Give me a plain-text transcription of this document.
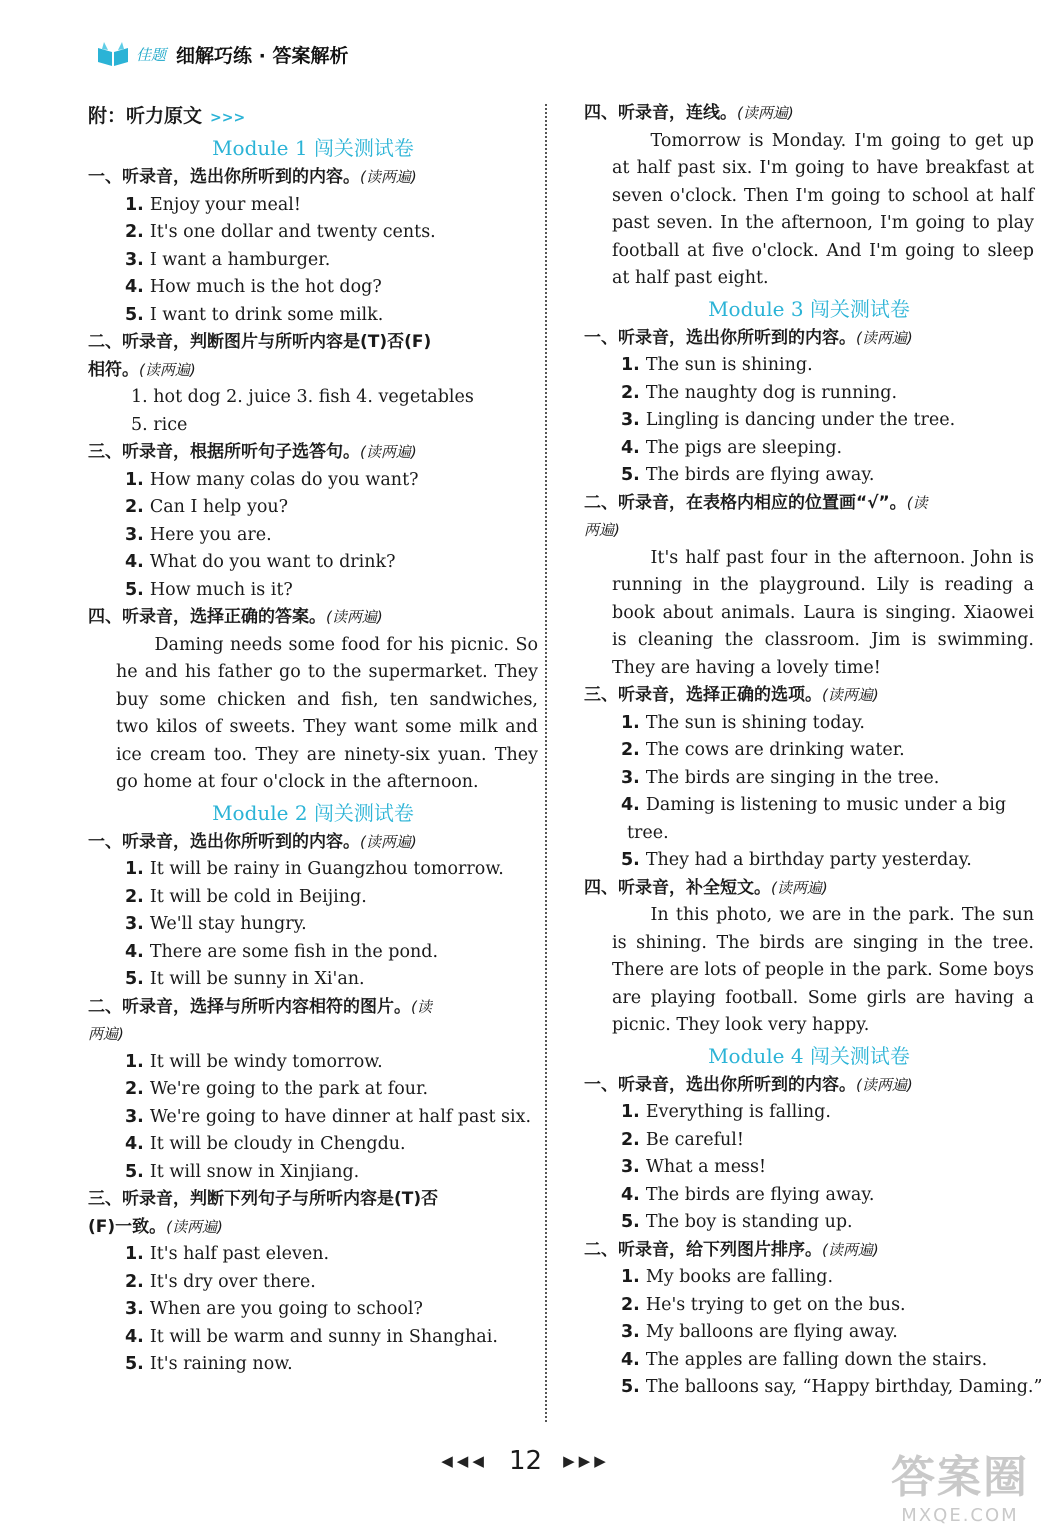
佳题 细解巧练 · 答案解析
附：听力原文 >>>
Module 1 闯关测试卷
一、听录音，选出你所听到的内容。(读两遍)
1. Enjoy your meal!
2. It's one dollar and twenty cents.
3. I want a hamburger.
4. How much is the hot dog?
5. I want to drink some milk.
二、听录音，判断图片与所听内容是(T)否(F)
相符。(读两遍)
1. hot dog 2. juice 3. fish 4. vegetables
5. rice
三、听录音，根据所听句子选答句。(读两遍)
1. How many colas do you want?
2. Can I help you?
3. Here you are.
4. What do you want to drink?
5. How much is it?
四、听录音，选择正确的答案。(读两遍)

Daming needs some food for his picnic. So he and his father go to the supermarket. They buy some chicken and fish, ten sandwiches, two kilos of sweets. They want some milk and ice cream too. They are ninety-six yuan. They go home at four o'clock in the afternoon.

Module 2 闯关测试卷
一、听录音，选出你所听到的内容。(读两遍)
1. It will be rainy in Guangzhou tomorrow.
2. It will be cold in Beijing.
3. We'll stay hungry.
4. There are some fish in the pond.
5. It will be sunny in Xi'an.
二、听录音，选择与所听内容相符的图片。(读
两遍)
1. It will be windy tomorrow.
2. We're going to the park at four.
3. We're going to have dinner at half past six.
4. It will be cloudy in Chengdu.
5. It will snow in Xinjiang.
三、听录音，判断下列句子与所听内容是(T)否
(F)一致。(读两遍)
1. It's half past eleven.
2. It's dry over there.
3. When are you going to school?
4. It will be warm and sunny in Shanghai.
5. It's raining now.
四、听录音，连线。(读两遍)

Tomorrow is Monday. I'm going to get up at half past six. I'm going to have breakfast at seven o'clock. Then I'm going to school at half past seven. In the afternoon, I'm going to play football at five o'clock. And I'm going to sleep at half past eight.

Module 3 闯关测试卷
一、听录音，选出你所听到的内容。(读两遍)
1. The sun is shining.
2. The naughty dog is running.
3. Lingling is dancing under the tree.
4. The pigs are sleeping.
5. The birds are flying away.
二、听录音，在表格内相应的位置画“√”。(读
两遍)

It's half past four in the afternoon. John is running in the playground. Lily is reading a book about animals. Laura is singing. Xiaowei is cleaning the classroom. Jim is swimming. They are having a lovely time!

三、听录音，选择正确的选项。(读两遍)
1. The sun is shining today.
2. The cows are drinking water.
3. The birds are singing in the tree.
4. Daming is listening to music under a big
tree.
5. They had a birthday party yesterday.
四、听录音，补全短文。(读两遍)

In this photo, we are in the park. The sun is shining. The birds are singing in the tree. There are lots of people in the park. Some boys are playing football. Some girls are having a picnic. They look very happy.

Module 4 闯关测试卷
一、听录音，选出你所听到的内容。(读两遍)
1. Everything is falling.
2. Be careful!
3. What a mess!
4. The birds are flying away.
5. The boy is standing up.
二、听录音，给下列图片排序。(读两遍)
1. My books are falling.
2. He's trying to get on the bus.
3. My balloons are flying away.
4. The apples are falling down the stairs.
5. The balloons say, “Happy birthday, Daming.”
◀◀◀ 12 ▶▶▶	答案圈
MXQE.COM
